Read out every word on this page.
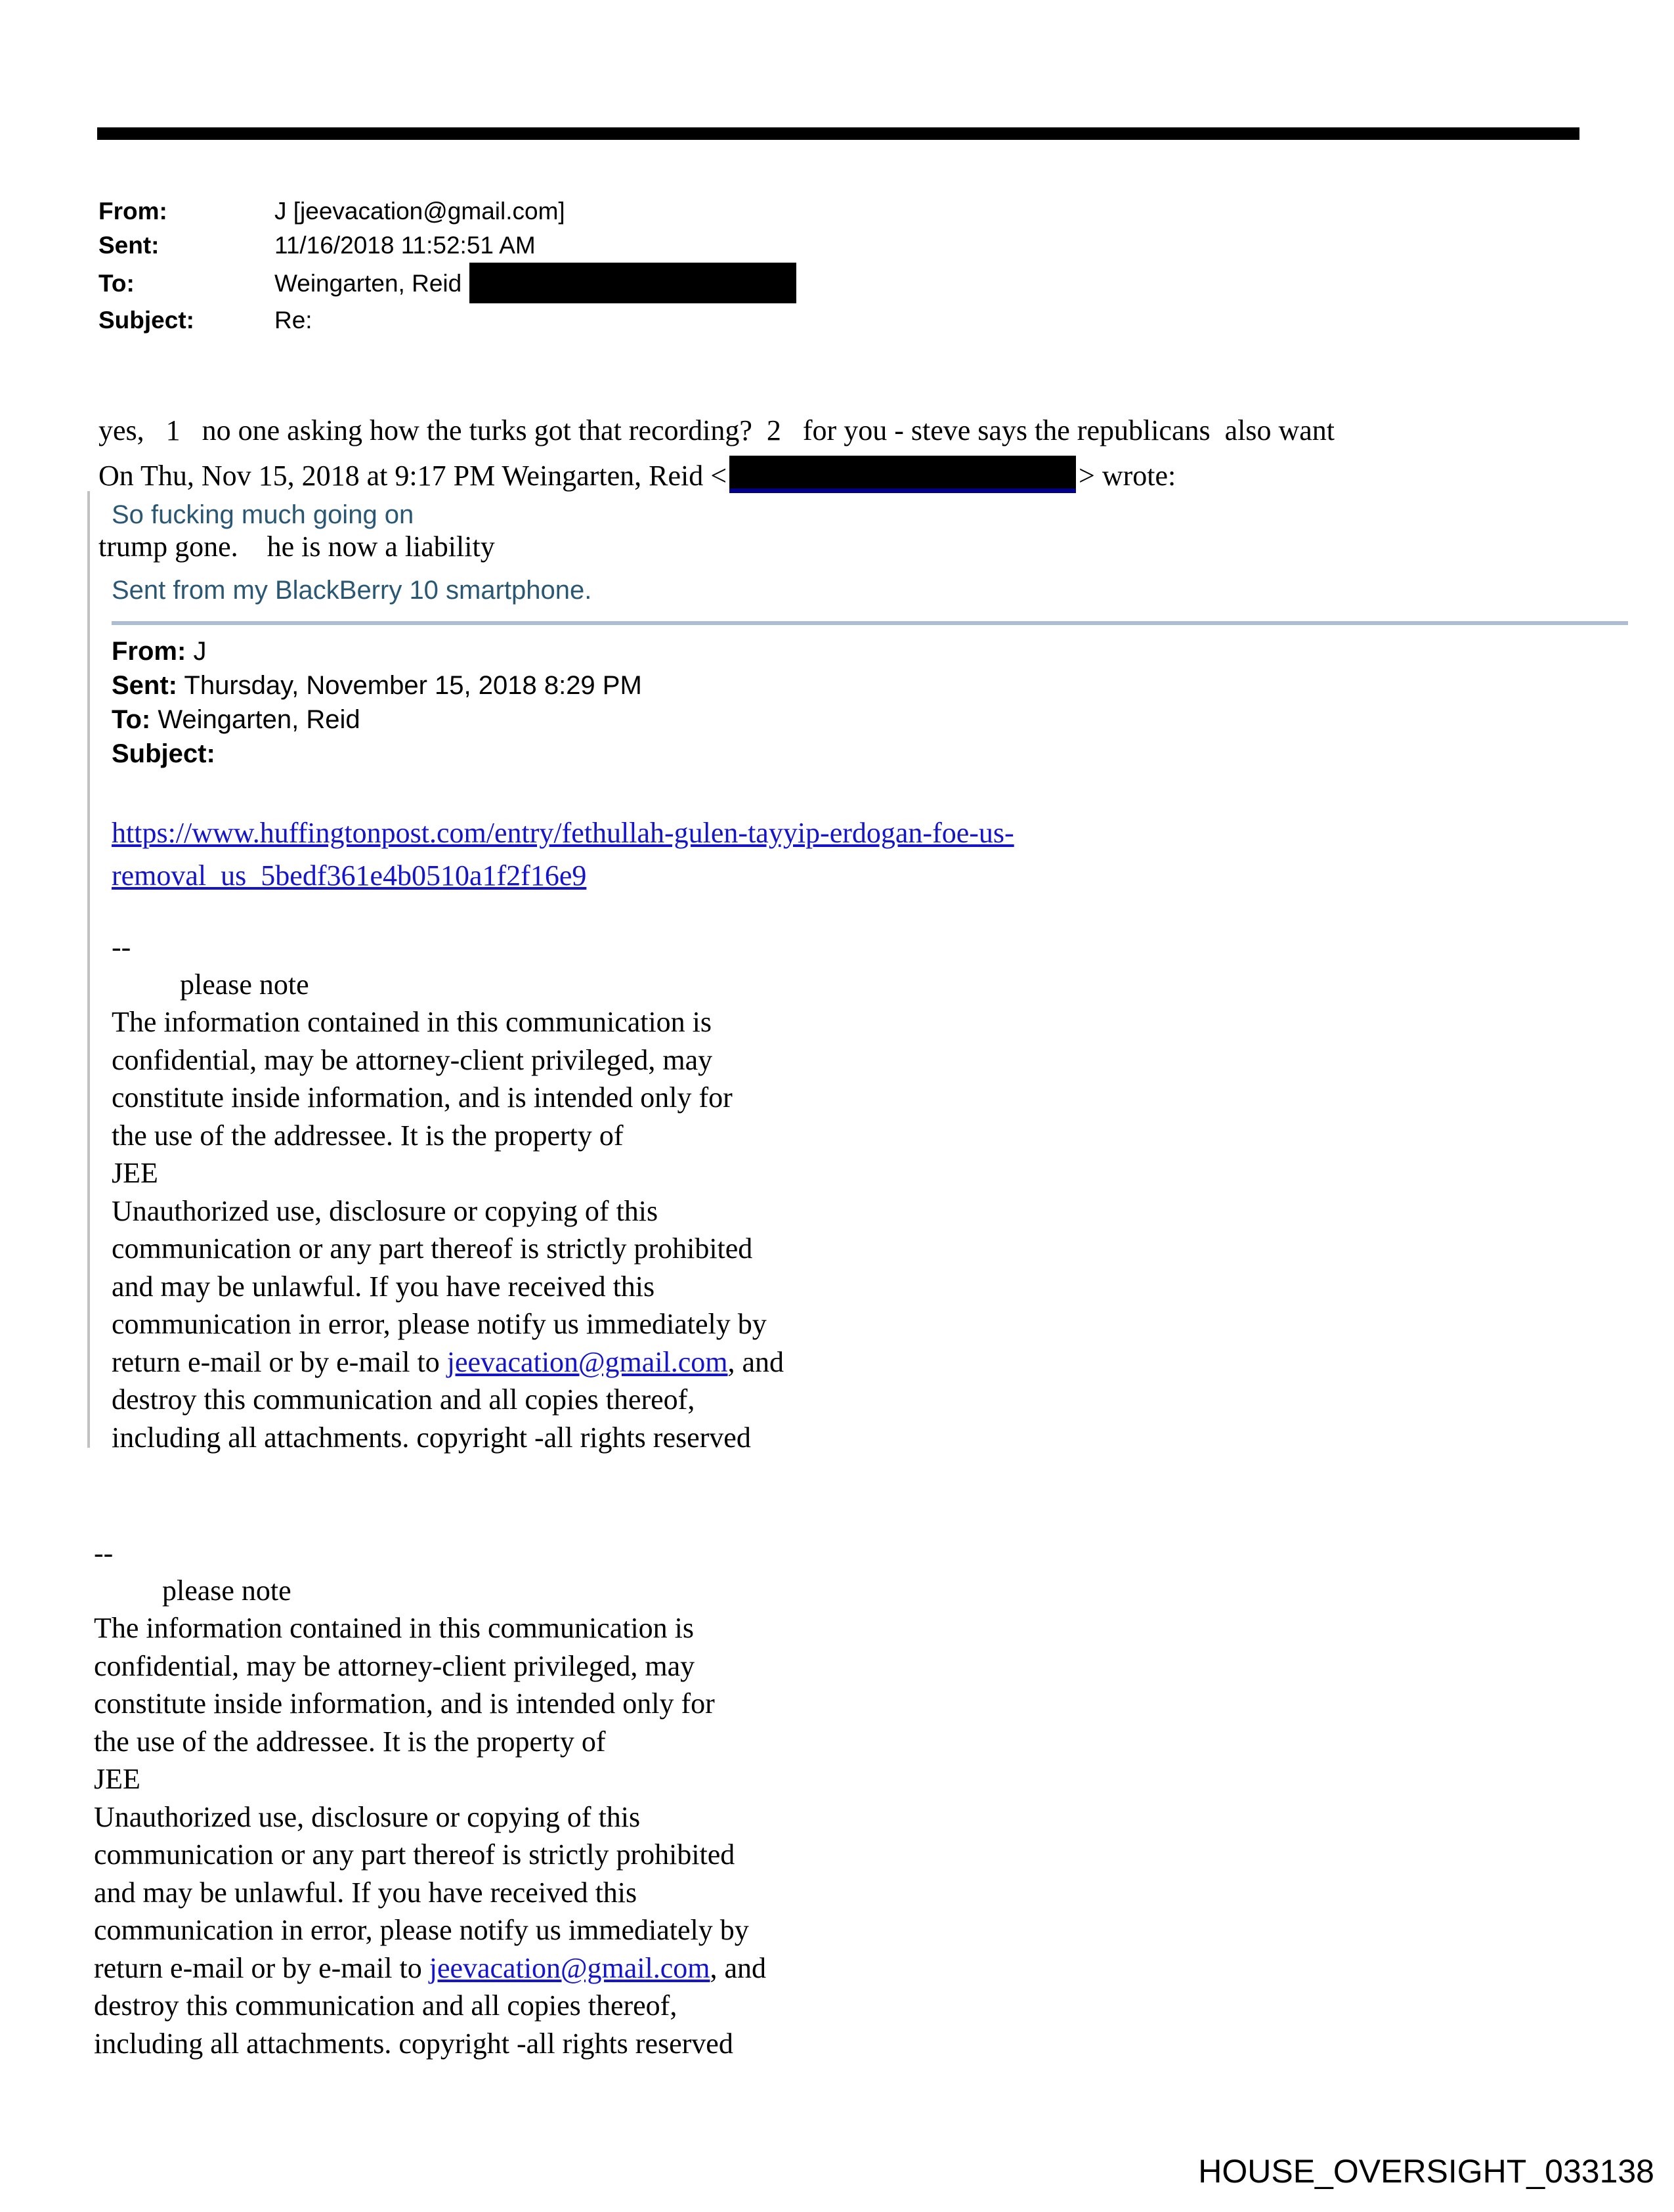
From:	J [jeevacation@gmail.com]
Sent:	11/16/2018 11:52:51 AM
To:	Weingarten, Reid
Subject:	Re:

yes,   1   no one asking how the turks got that recording?  2   for you - steve says the republicans  also want

trump gone.    he is now a liability

On Thu, Nov 15, 2018 at 9:17 PM Weingarten, Reid <	> wrote:
So fucking much going on
Sent from my BlackBerry 10 smartphone.
From: J
Sent: Thursday, November 15, 2018 8:29 PM
To: Weingarten, Reid
Subject:
https://www.huffingtonpost.com/entry/fethullah-gulen-tayyip-erdogan-foe-us-
removal_us_5bedf361e4b0510a1f2f16e9
--
please note
The information contained in this communication is
confidential, may be attorney-client privileged, may
constitute inside information, and is intended only for
the use of the addressee. It is the property of
JEE
Unauthorized use, disclosure or copying of this
communication or any part thereof is strictly prohibited
and may be unlawful. If you have received this
communication in error, please notify us immediately by
return e-mail or by e-mail to jeevacation@gmail.com, and
destroy this communication and all copies thereof,
including all attachments. copyright -all rights reserved
--
please note
The information contained in this communication is
confidential, may be attorney-client privileged, may
constitute inside information, and is intended only for
the use of the addressee. It is the property of
JEE
Unauthorized use, disclosure or copying of this
communication or any part thereof is strictly prohibited
and may be unlawful. If you have received this
communication in error, please notify us immediately by
return e-mail or by e-mail to jeevacation@gmail.com, and
destroy this communication and all copies thereof,
including all attachments. copyright -all rights reserved
HOUSE_OVERSIGHT_033138
